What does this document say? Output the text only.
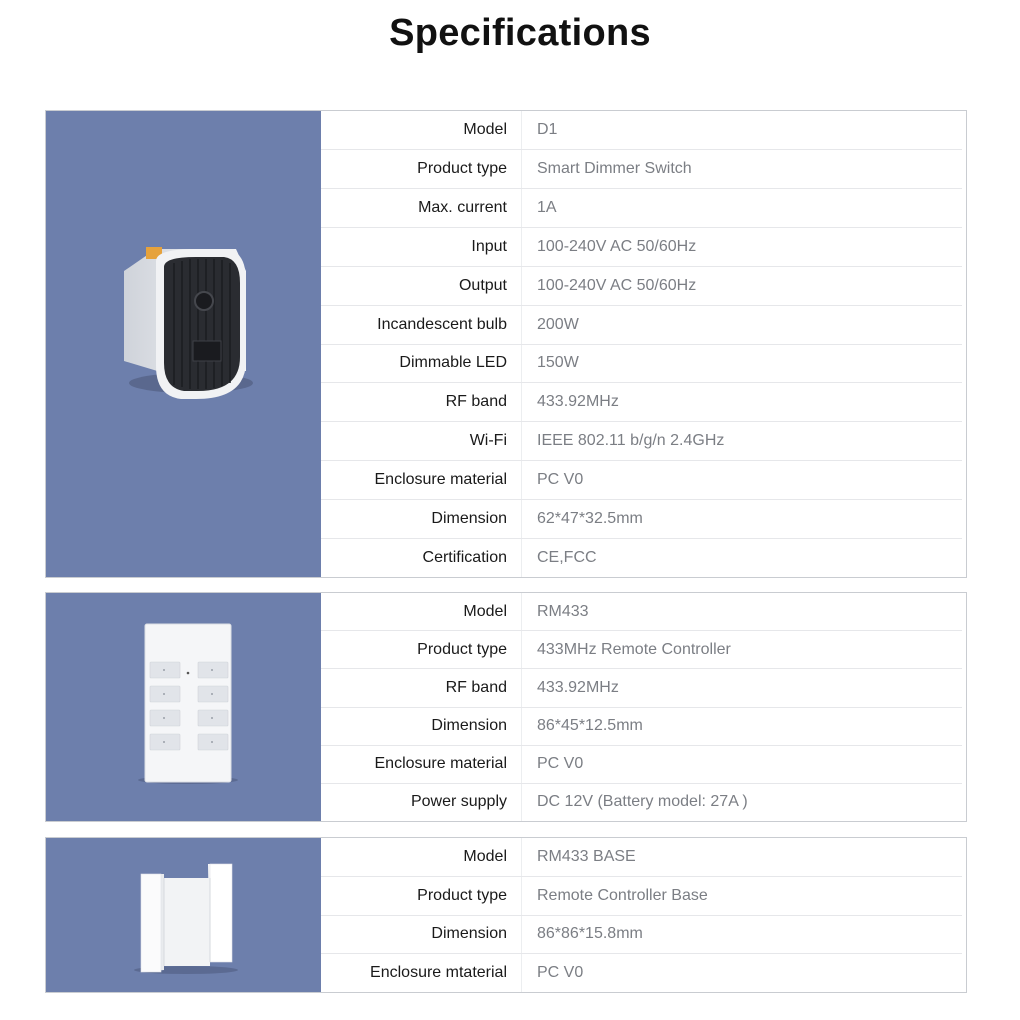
Specifications
Model	D1
Product type	Smart Dimmer Switch
Max. current	1A
Input	100-240V AC 50/60Hz
Output	100-240V AC 50/60Hz
Incandescent bulb	200W
Dimmable LED	150W
RF band	433.92MHz
Wi-Fi	IEEE 802.11 b/g/n 2.4GHz
Enclosure material	PC V0
Dimension	62*47*32.5mm
Certification	CE,FCC
Model	RM433
Product type	433MHz Remote Controller
RF band	433.92MHz
Dimension	86*45*12.5mm
Enclosure material	PC V0
Power supply	DC 12V (Battery model: 27A )
Model	RM433 BASE
Product type	Remote Controller Base
Dimension	86*86*15.8mm
Enclosure mtaterial	PC V0
